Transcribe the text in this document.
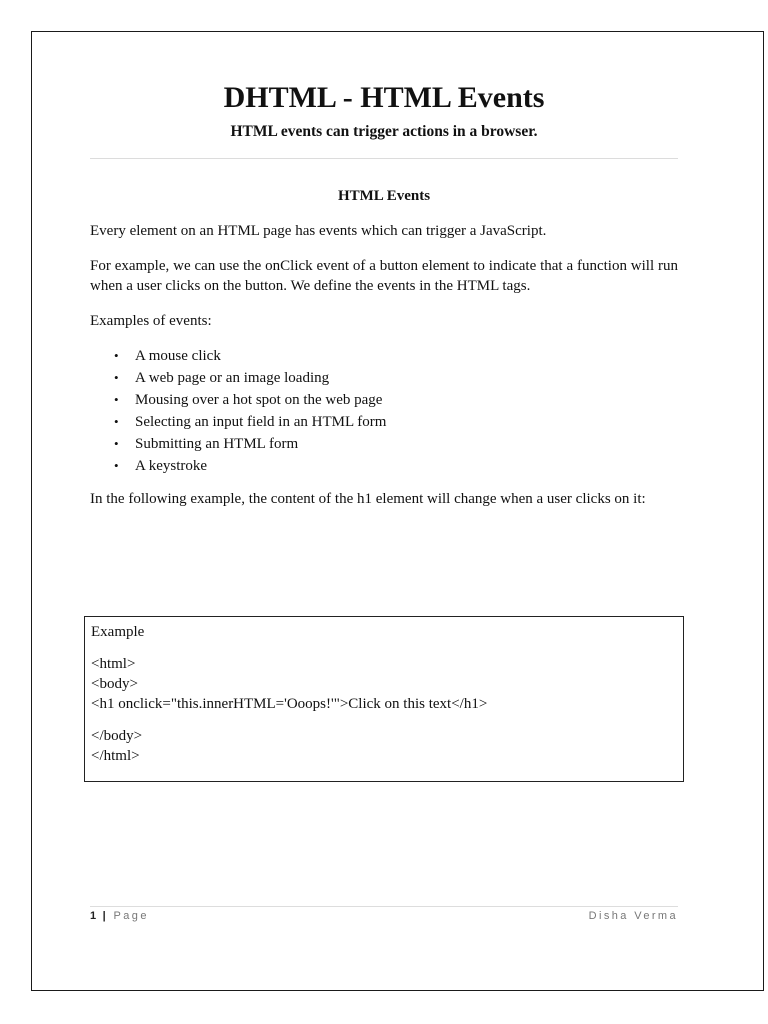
DHTML - HTML Events

HTML events can trigger actions in a browser.

HTML Events

Every element on an HTML page has events which can trigger a JavaScript.

For example, we can use the onClick event of a button element to indicate that a function will run when a user clicks on the button. We define the events in the HTML tags.

Examples of events:

• A mouse click
• A web page or an image loading
• Mousing over a hot spot on the web page
• Selecting an input field in an HTML form
• Submitting an HTML form
• A keystroke

In the following example, the content of the h1 element will change when a user clicks on it:

Example

<html>

<body>

<h1 onclick="this.innerHTML='Ooops!'">Click on this text</h1>

</body>

</html>

1 | Page	Disha Verma
